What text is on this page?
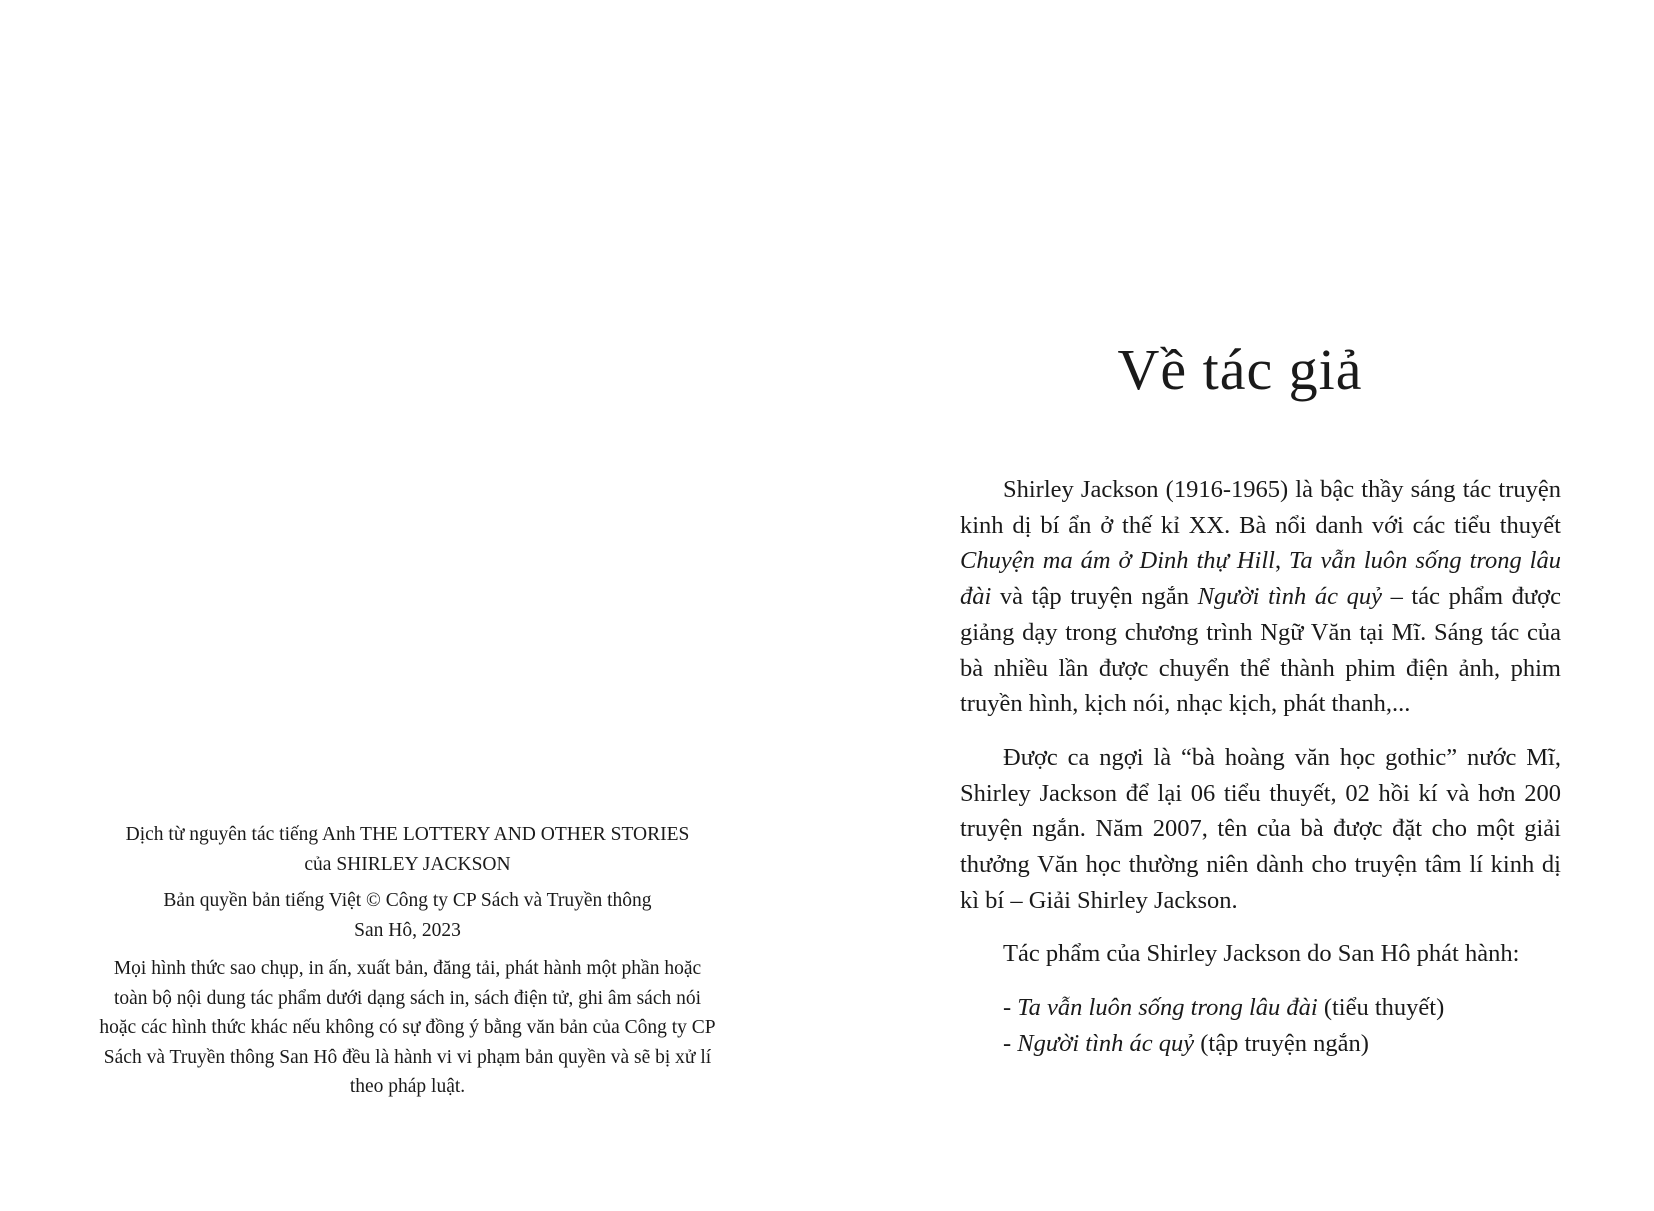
Dịch từ nguyên tác tiếng Anh THE LOTTERY AND OTHER STORIES
của SHIRLEY JACKSON

Bản quyền bản tiếng Việt © Công ty CP Sách và Truyền thông
San Hô, 2023

Mọi hình thức sao chụp, in ấn, xuất bản, đăng tải, phát hành một phần hoặc toàn bộ nội dung tác phẩm dưới dạng sách in, sách điện tử, ghi âm sách nói hoặc các hình thức khác nếu không có sự đồng ý bằng văn bản của Công ty CP Sách và Truyền thông San Hô đều là hành vi vi phạm bản quyền và sẽ bị xử lí theo pháp luật.

Về tác giả

Shirley Jackson (1916-1965) là bậc thầy sáng tác truyện kinh dị bí ẩn ở thế kỉ XX. Bà nổi danh với các tiểu thuyết Chuyện ma ám ở Dinh thự Hill, Ta vẫn luôn sống trong lâu đài và tập truyện ngắn Người tình ác quỷ – tác phẩm được giảng dạy trong chương trình Ngữ Văn tại Mĩ. Sáng tác của bà nhiều lần được chuyển thể thành phim điện ảnh, phim truyền hình, kịch nói, nhạc kịch, phát thanh,...

Được ca ngợi là “bà hoàng văn học gothic” nước Mĩ, Shirley Jackson để lại 06 tiểu thuyết, 02 hồi kí và hơn 200 truyện ngắn. Năm 2007, tên của bà được đặt cho một giải thưởng Văn học thường niên dành cho truyện tâm lí kinh dị kì bí – Giải Shirley Jackson.

Tác phẩm của Shirley Jackson do San Hô phát hành:

- Ta vẫn luôn sống trong lâu đài (tiểu thuyết)
- Người tình ác quỷ (tập truyện ngắn)
